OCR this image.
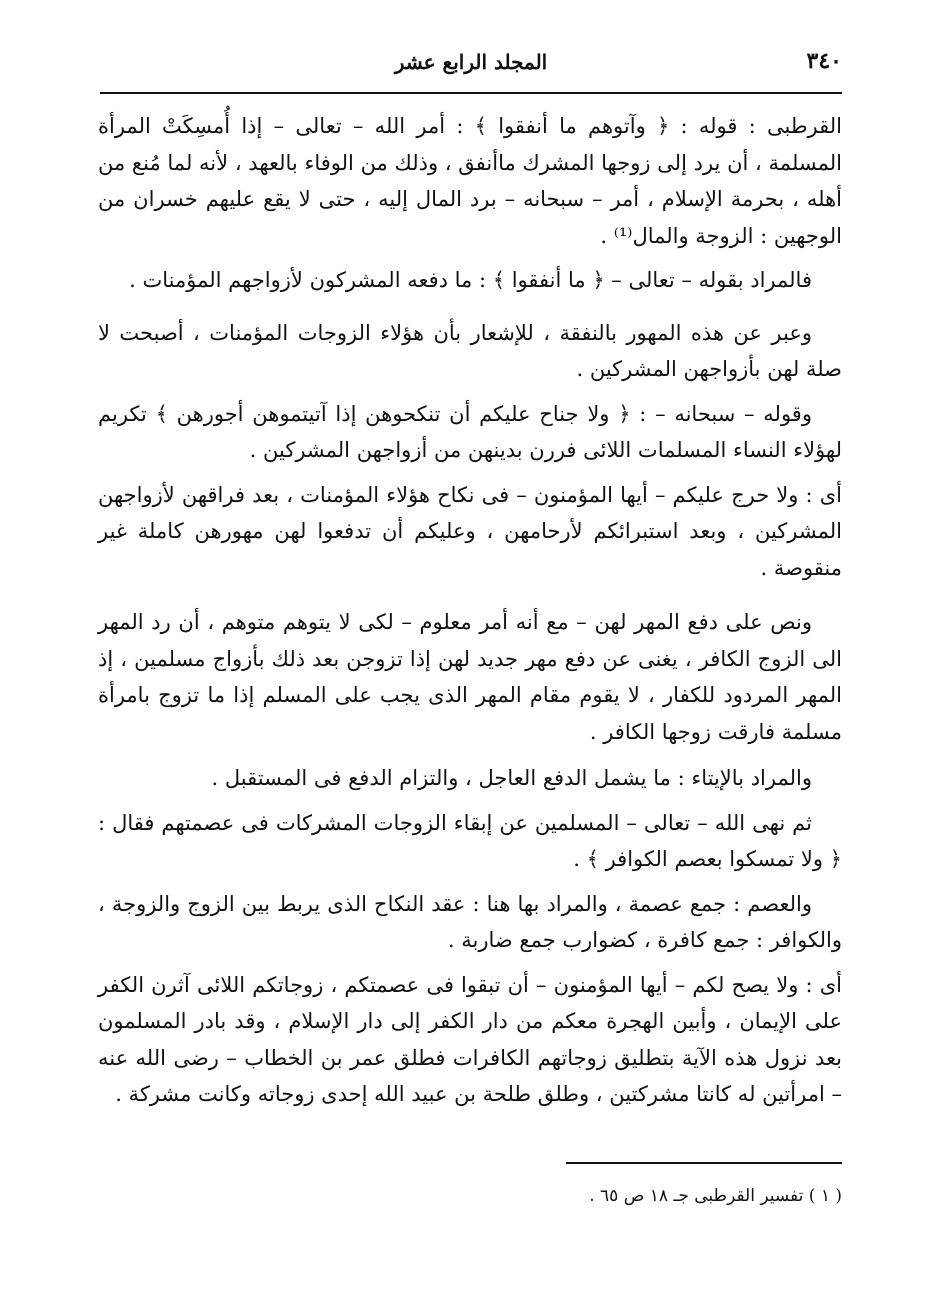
٣٤٠
المجلد الرابع عشر

القرطبى : قوله : ﴿ وآتوهم ما أنفقوا ﴾ : أمر الله – تعالى – إذا أُمسِكَتْ المرأة المسلمة ، أن يرد إلى زوجها المشرك ماأنفق ، وذلك من الوفاء بالعهد ، لأنه لما مُنع من أهله ، بحرمة الإسلام ، أمر – سبحانه – برد المال إليه ، حتى لا يقع عليهم خسران من الوجهين : الزوجة والمال⁽¹⁾ .

فالمراد بقوله – تعالى – ﴿ ما أنفقوا ﴾ : ما دفعه المشركون لأزواجهم المؤمنات .

وعبر عن هذه المهور بالنفقة ، للإشعار بأن هؤلاء الزوجات المؤمنات ، أصبحت لا صلة لهن بأزواجهن المشركين .

وقوله – سبحانه – : ﴿ ولا جناح عليكم أن تنكحوهن إذا آتيتموهن أجورهن ﴾ تكريم لهؤلاء النساء المسلمات اللائى فررن بدينهن من أزواجهن المشركين .

أى : ولا حرج عليكم – أيها المؤمنون – فى نكاح هؤلاء المؤمنات ، بعد فراقهن لأزواجهن المشركين ، وبعد استبرائكم لأرحامهن ، وعليكم أن تدفعوا لهن مهورهن كاملة غير منقوصة .

ونص على دفع المهر لهن – مع أنه أمر معلوم – لكى لا يتوهم متوهم ، أن رد المهر الى الزوج الكافر ، يغنى عن دفع مهر جديد لهن إذا تزوجن بعد ذلك بأزواج مسلمين ، إذ المهر المردود للكفار ، لا يقوم مقام المهر الذى يجب على المسلم إذا ما تزوج بامرأة مسلمة فارقت زوجها الكافر .

والمراد بالإيتاء : ما يشمل الدفع العاجل ، والتزام الدفع فى المستقبل .

ثم نهى الله – تعالى – المسلمين عن إبقاء الزوجات المشركات فى عصمتهم فقال : ﴿ ولا تمسكوا بعصم الكوافر ﴾ .

والعصم : جمع عصمة ، والمراد بها هنا : عقد النكاح الذى يربط بين الزوج والزوجة ، والكوافر : جمع كافرة ، كضوارب جمع ضاربة .

أى : ولا يصح لكم – أيها المؤمنون – أن تبقوا فى عصمتكم ، زوجاتكم اللائى آثرن الكفر على الإيمان ، وأبين الهجرة معكم من دار الكفر إلى دار الإسلام ، وقد بادر المسلمون بعد نزول هذه الآية بتطليق زوجاتهم الكافرات فطلق عمر بن الخطاب – رضى الله عنه – امرأتين له كانتا مشركتين ، وطلق طلحة بن عبيد الله إحدى زوجاته وكانت مشركة .

( ١ ) تفسير القرطبى جـ ١٨ ص ٦٥ .
